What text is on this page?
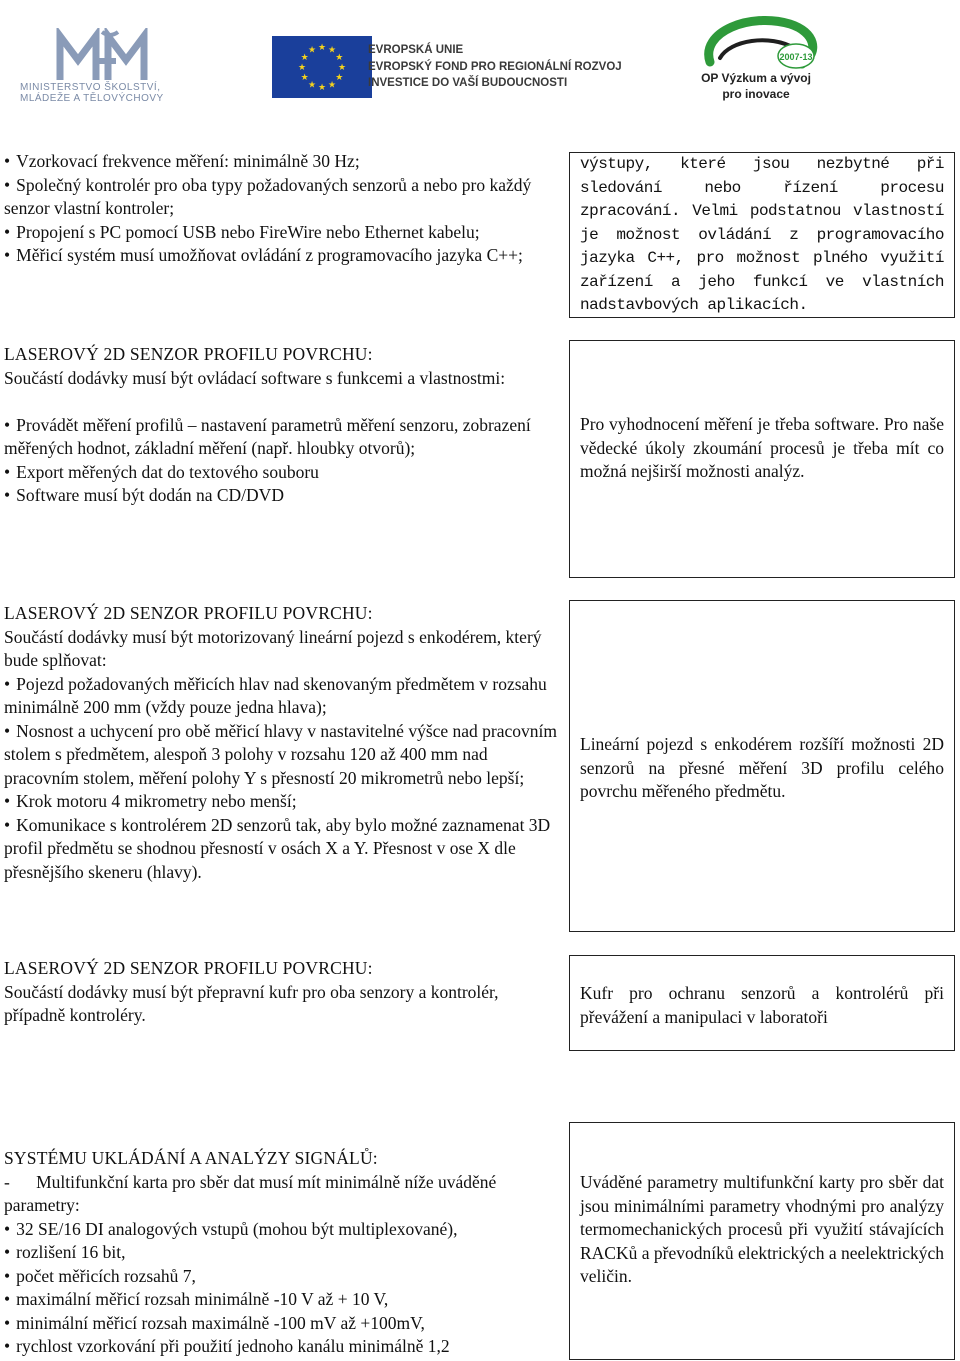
MINISTERSTVO ŠKOLSTVÍ,
MLÁDEŽE A TĚLOVÝCHOVY
★ ★
★
★
★
★
★
★
★
★
★
★	EVROPSKÁ UNIE
EVROPSKÝ FOND PRO REGIONÁLNÍ ROZVOJ
INVESTICE DO VAŠÍ BUDOUCNOSTI
2007-13
OP Výzkum a vývoj
pro inovace

• Vzorkovací frekvence měření: minimálně 30 Hz;

• Společný kontrolér pro oba typy požadovaných senzorů a nebo pro každý senzor vlastní kontroler;

• Propojení s PC pomocí USB nebo FireWire nebo Ethernet kabelu;

• Měřicí systém musí umožňovat ovládání z programovacího jazyka C++;

výstupy, které jsou nezbytné při sledování nebo řízení procesu zpracování. Velmi podstatnou vlastností je možnost ovládání z programovacího jazyka C++, pro možnost plného využití zařízení a jeho funkcí ve vlastních nadstavbových aplikacích.

LASEROVÝ 2D SENZOR PROFILU POVRCHU:

Součástí dodávky musí být ovládací software s funkcemi a vlastnostmi:

• Provádět měření profilů – nastavení parametrů měření senzoru, zobrazení měřených hodnot, základní měření (např. hloubky otvorů);

• Export měřených dat do textového souboru

• Software musí být dodán na CD/DVD

Pro vyhodnocení měření je třeba software. Pro naše vědecké úkoly zkoumání procesů je třeba mít co možná nejširší možnosti analýz.

LASEROVÝ 2D SENZOR PROFILU POVRCHU:

Součástí dodávky musí být motorizovaný lineární pojezd s enkodérem, který bude splňovat:

• Pojezd požadovaných měřicích hlav nad skenovaným předmětem v rozsahu minimálně 200 mm (vždy pouze jedna hlava);

• Nosnost a uchycení pro obě měřicí hlavy v nastavitelné výšce nad pracovním stolem s předmětem, alespoň 3 polohy v rozsahu 120 až 400 mm nad pracovním stolem, měření polohy Y s přesností 20 mikrometrů nebo lepší;

• Krok motoru 4 mikrometry nebo menší;

• Komunikace s kontrolérem 2D senzorů tak, aby bylo možné zaznamenat 3D profil předmětu se shodnou přesností v osách X a Y. Přesnost v ose X dle přesnějšího skeneru (hlavy).

Lineární pojezd s enkodérem rozšíří možnosti 2D senzorů na přesné měření 3D profilu celého povrchu měřeného předmětu.

LASEROVÝ 2D SENZOR PROFILU POVRCHU:

Součástí dodávky musí být přepravní kufr pro oba senzory a kontrolér, případně kontroléry.

Kufr pro ochranu senzorů a kontrolérů při převážení a manipulaci v laboratoři

SYSTÉMU UKLÁDÁNÍ A ANALÝZY SIGNÁLŮ:

-      Multifunkční karta pro sběr dat musí mít minimálně níže uváděné parametry:

• 32 SE/16 DI analogových vstupů (mohou být multiplexované),

• rozlišení 16 bit,

• počet měřicích rozsahů 7,

• maximální měřicí rozsah minimálně -10 V až + 10 V,

• minimální měřicí rozsah maximálně -100 mV až +100mV,

• rychlost vzorkování při použití jednoho kanálu minimálně 1,2

Uváděné parametry multifunkční karty pro sběr dat jsou minimálními parametry vhodnými pro analýzy termomechanických procesů při využití stávajících RACKů a převodníků elektrických a neelektrických veličin.
